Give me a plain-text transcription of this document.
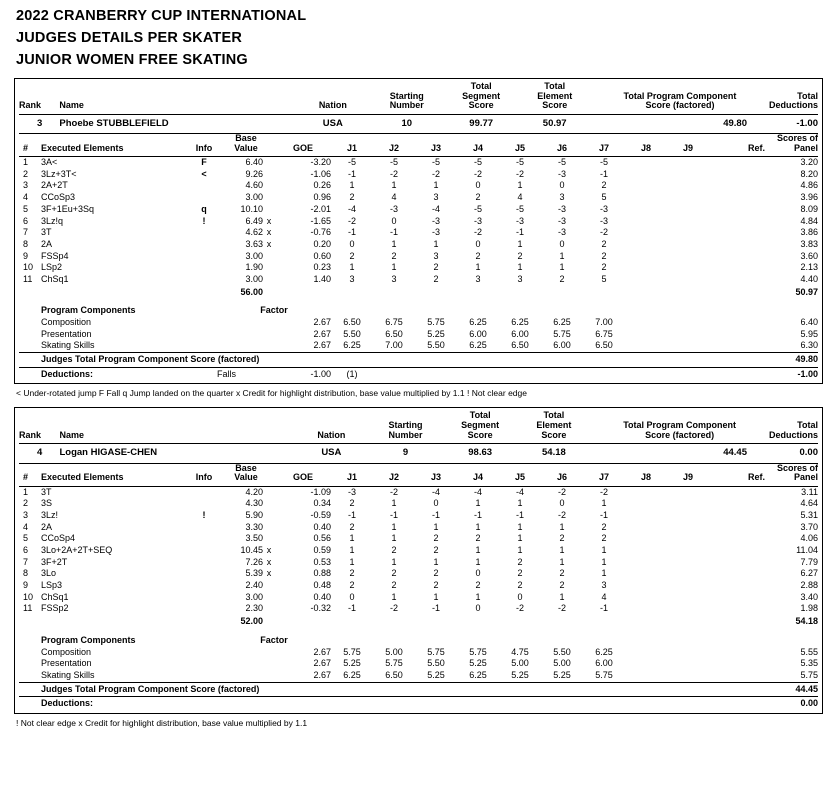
2022 CRANBERRY CUP INTERNATIONAL
JUDGES DETAILS PER SKATER
JUNIOR WOMEN FREE SKATING
Rank	Name	Nation	Starting
Number	Total
Segment
Score	Total
Element
Score	Total Program Component
Score (factored)	Total
Deductions

3	Phoebe STUBBLEFIELD	USA	10	99.77	50.97	49.80	-1.00

#	Executed Elements	Info	Base
Value		GOE	J1	J2	J3	J4	J5	J6	J7	J8	J9	Ref.	Scores of
Panel

1	3A<	F	6.40		-3.20	-5	-5	-5	-5	-5	-5	-5				3.20
2	3Lz+3T<	<	9.26		-1.06	-1	-2	-2	-2	-2	-3	-1				8.20
3	2A+2T		4.60		0.26	1	1	1	0	1	0	2				4.86
4	CCoSp3		3.00		0.96	2	4	3	2	4	3	5				3.96
5	3F+1Eu+3Sq	q	10.10		-2.01	-4	-3	-4	-5	-5	-3	-3				8.09
6	3Lz!q	!	6.49	x	-1.65	-2	0	-3	-3	-3	-3	-3				4.84
7	3T		4.62	x	-0.76	-1	-1	-3	-2	-1	-3	-2				3.86
8	2A		3.63	x	0.20	0	1	1	0	1	0	2				3.83
9	FSSp4		3.00		0.60	2	2	3	2	2	1	2				3.60
10	LSp2		1.90		0.23	1	1	2	1	1	1	2				2.13
11	ChSq1		3.00		1.40	3	3	2	3	3	2	5				4.40
			56.00													50.97
	Program Components		Factor												
	Composition		2.67		6.50	6.75	5.75	6.25	6.25	6.25	7.00				6.40
	Presentation		2.67		5.50	6.50	5.25	6.00	6.00	5.75	6.75				5.95
	Skating Skills		2.67		6.25	7.00	5.50	6.25	6.50	6.00	6.50				6.30
	Judges Total Program Component Score (factored)														49.80
	Deductions:		Falls	-1.00	(1)										-1.00
< Under-rotated jump F Fall q Jump landed on the quarter x Credit for highlight distribution, base value multiplied by 1.1 ! Not clear edge
Rank	Name	Nation	Starting
Number	Total
Segment
Score	Total
Element
Score	Total Program Component
Score (factored)	Total
Deductions

4	Logan HIGASE-CHEN	USA	9	98.63	54.18	44.45	0.00

#	Executed Elements	Info	Base
Value		GOE	J1	J2	J3	J4	J5	J6	J7	J8	J9	Ref.	Scores of
Panel

1	3T		4.20		-1.09	-3	-2	-4	-4	-4	-2	-2				3.11
2	3S		4.30		0.34	2	1	0	1	1	0	1				4.64
3	3Lz!	!	5.90		-0.59	-1	-1	-1	-1	-1	-2	-1				5.31
4	2A		3.30		0.40	2	1	1	1	1	1	2				3.70
5	CCoSp4		3.50		0.56	1	1	2	2	1	2	2				4.06
6	3Lo+2A+2T+SEQ		10.45	x	0.59	1	2	2	1	1	1	1				11.04
7	3F+2T		7.26	x	0.53	1	1	1	1	2	1	1				7.79
8	3Lo		5.39	x	0.88	2	2	2	0	2	2	1				6.27
9	LSp3		2.40		0.48	2	2	2	2	2	2	3				2.88
10	ChSq1		3.00		0.40	0	1	1	1	0	1	4				3.40
11	FSSp2		2.30		-0.32	-1	-2	-1	0	-2	-2	-1				1.98
			52.00													54.18
	Program Components		Factor												
	Composition		2.67		5.75	5.00	5.75	5.75	4.75	5.50	6.25				5.55
	Presentation		2.67		5.25	5.75	5.50	5.25	5.00	5.00	6.00				5.35
	Skating Skills		2.67		6.25	6.50	5.25	6.25	5.25	5.25	5.75				5.75
	Judges Total Program Component Score (factored)														44.45
	Deductions:														0.00
! Not clear edge x Credit for highlight distribution, base value multiplied by 1.1
